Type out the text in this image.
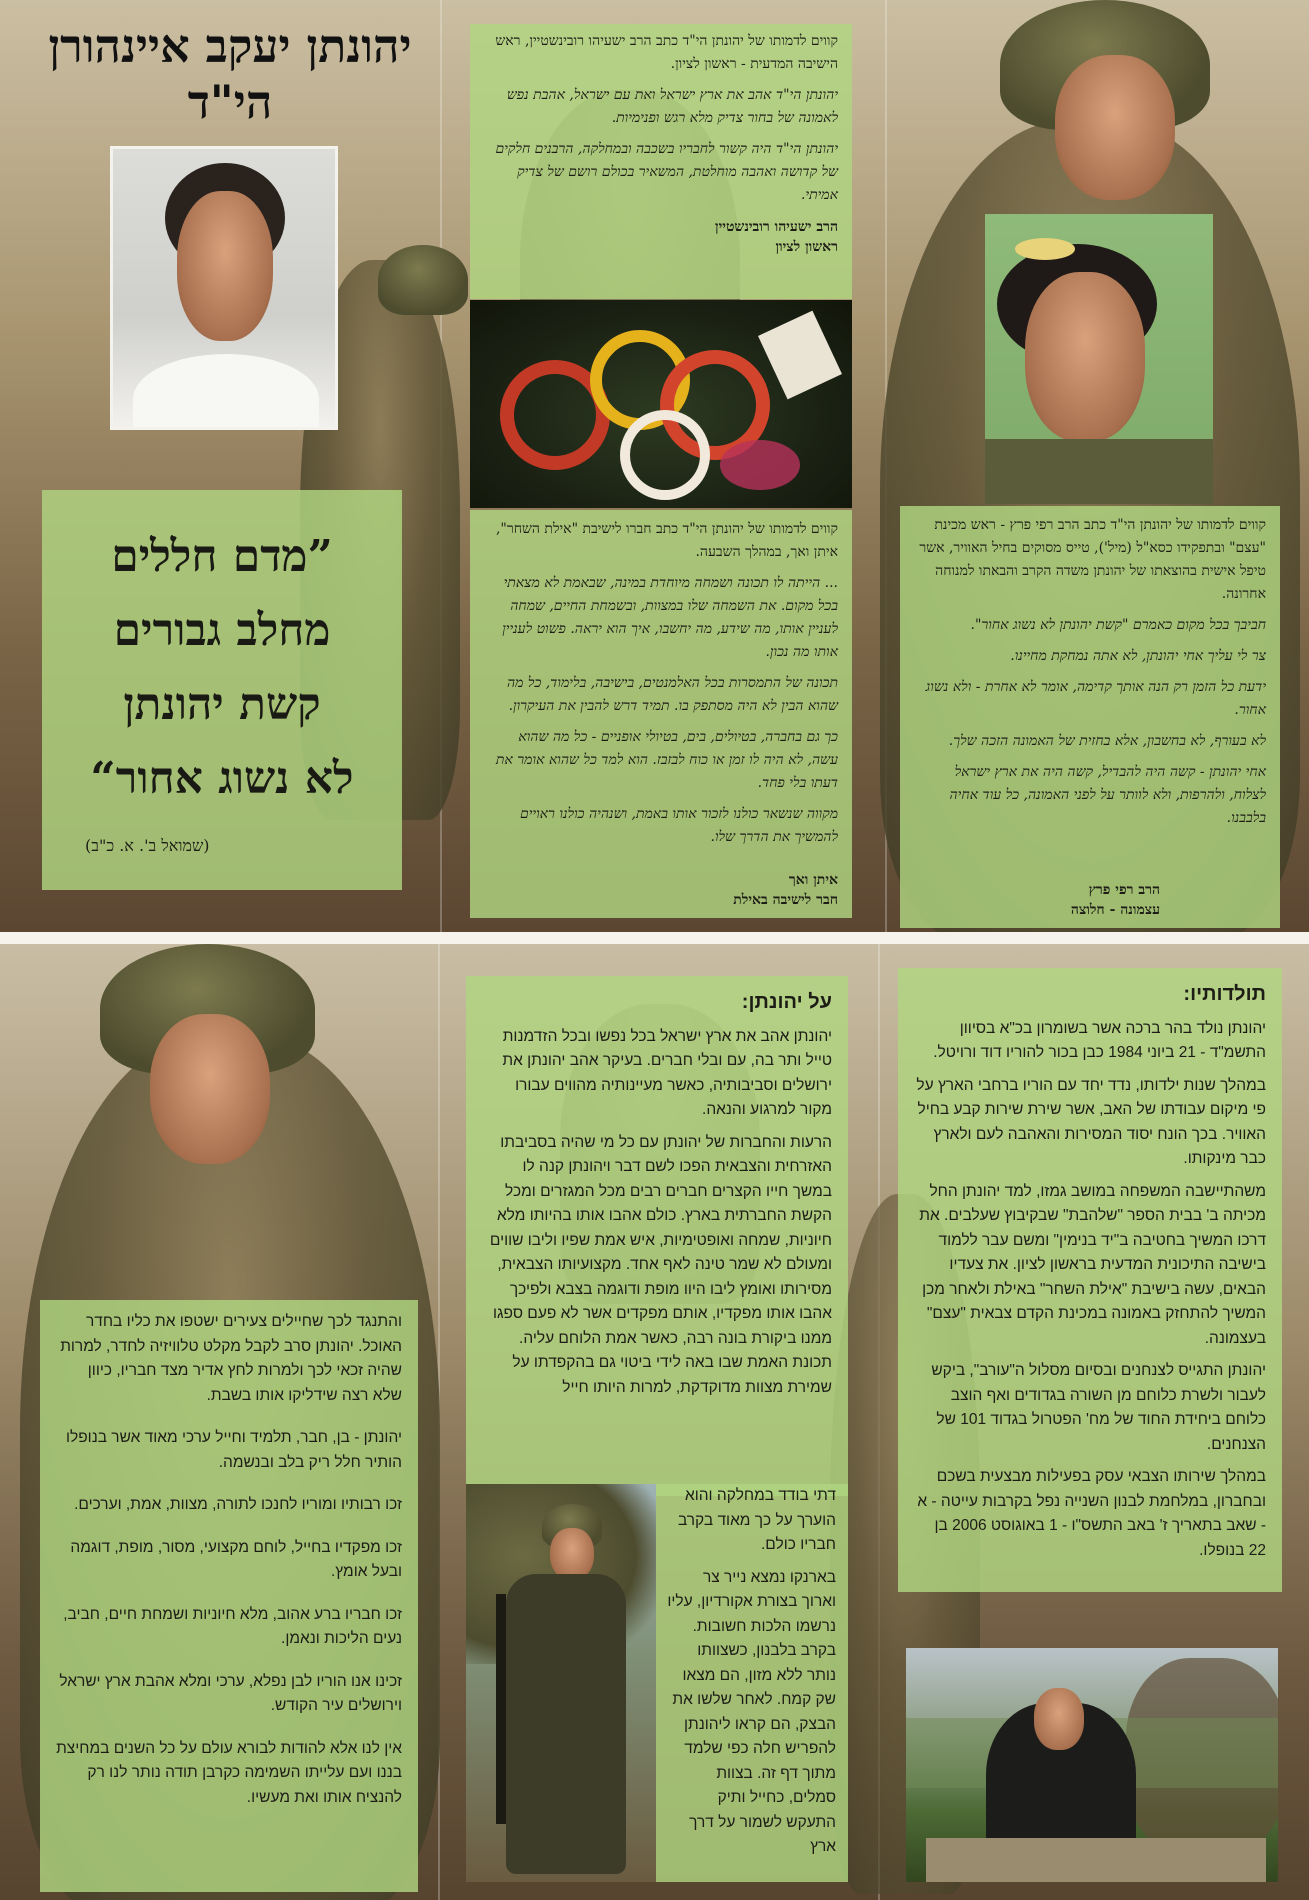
יהונתן יעקב איינהורן
הי"ד
”מדם חללים
מחלב גבורים
קשת יהונתן
לא נשוג אחור“
(שמואל ב'. א. כ"ב)

קווים לדמותו של יהונתן הי"ד כתב הרב ישעיהו רובינשטיין, ראש הישיבה המדעית - ראשון לציון.

יהונתן הי"ד אהב את ארץ ישראל ואת עם ישראל, אהבת נפש לאמונה של בחור צדיק מלא רגש ופנימיות.

יהונתן הי"ד היה קשור לחבריו בשכבה ובמחלקה, הרבנים חלקים של קדושה ואהבה מוחלטת, המשאיר בכולם רושם של צדיק אמיתי.

הרב ישעיהו רובינשטיין
ראשון לציון

קווים לדמותו של יהונתן הי"ד כתב חברו לישיבת "אילת השחר", איתן ואך, במהלך השבעה.

... הייתה לו תכונה ושמחה מיוחדת במינה, שבאמת לא מצאתי בכל מקום. את השמחה שלו במצוות, ובשמחת החיים, שמחה לעניין אותו, מה שידע, מה יחשבו, איך הוא יראה. פשוט לעניין אותו מה נכון.

תכונה של התמסרות בכל האלמנטים, בישיבה, בלימוד, כל מה שהוא הבין לא היה מסתפק בו. תמיד דרש להבין את העיקרון.

כך גם בחברה, בטיולים, בים, בטיולי אופניים - כל מה שהוא עשה, לא היה לו זמן או כוח לבזבז. הוא למד כל שהוא אומר את דעתו בלי פחד.

מקווה שנשאר כולנו לזכור אותו באמת, ושנהיה כולנו ראויים להמשיך את הדרך שלו.

איתן ואך
חבר לישיבה באילת

קווים לדמותו של יהונתן הי"ד כתב הרב רפי פרץ - ראש מכינת "עצם" ובתפקידו כסא"ל (מיל'), טייס מסוקים בחיל האוויר, אשר טיפל אישית בהוצאתו של יהונתן משדה הקרב והבאתו למנוחה אחרונה.

חביבך בכל מקום כאמרם "קשת יהונתן לא נשוג אחור".

צר לי עליך אחי יהונתן, לא אתה נמחקת מחיינו.

ידעת כל הזמן רק הנה אותך קדימה, אומר לא אחרת - ולא נשוג אחור.

לא בעורף, לא בחשבון, אלא בחזית של האמונה הזכה שלך.

אחי יהונתן - קשה היה להבדיל, קשה היה את ארץ ישראל לצלוח, ולהרפות, ולא לוותר על לפני האמונה, כל עוד אחיה בלבבנו.

הרב רפי פרץ
עצמונה - חלוצה

והתנגד לכך שחיילים צעירים ישטפו את כליו בחדר האוכל. יהונתן סרב לקבל מקלט טלוויזיה לחדר, למרות שהיה זכאי לכך ולמרות לחץ אדיר מצד חבריו, כיוון שלא רצה שידליקו אותו בשבת.

יהונתן - בן, חבר, תלמיד וחייל ערכי מאוד אשר בנופלו הותיר חלל ריק בלב ובנשמה.

זכו רבותיו ומוריו לחנכו לתורה, מצוות, אמת, וערכים.

זכו מפקדיו בחייל, לוחם מקצועי, מסור, מופת, דוגמה ובעל אומץ.

זכו חבריו ברע אהוב, מלא חיוניות ושמחת חיים, חביב, נעים הליכות ונאמן.

זכינו אנו הוריו לבן נפלא, ערכי ומלא אהבת ארץ ישראל וירושלים עיר הקודש.

אין לנו אלא להודות לבורא עולם על כל השנים במחיצת בננו ועם עלייתו השמימה כקרבן תודה נותר לנו רק להנציח אותו ואת מעשיו.

על יהונתן:

יהונתן אהב את ארץ ישראל בכל נפשו ובכל הזדמנות טייל ותר בה, עם ובלי חברים. בעיקר אהב יהונתן את ירושלים וסביבותיה, כאשר מעיינותיה מהווים עבורו מקור למרגוע והנאה.

הרעות והחברות של יהונתן עם כל מי שהיה בסביבתו האזרחית והצבאית הפכו לשם דבר ויהונתן קנה לו במשך חייו הקצרים חברים רבים מכל המגזרים ומכל הקשת החברתית בארץ. כולם אהבו אותו בהיותו מלא חיוניות, שמחה ואופטימיות, איש אמת שפיו וליבו שווים ומעולם לא שמר טינה לאף אחד. מקצועיותו הצבאית, מסירותו ואומץ ליבו היוו מופת ודוגמה בצבא ולפיכך אהבו אותו מפקדיו, אותם מפקדים אשר לא פעם ספגו ממנו ביקורת בונה רבה, כאשר אמת הלוחם עליה. תכונת האמת שבו באה לידי ביטוי גם בהקפדתו על שמירת מצוות מדוקדקת, למרות היותו חייל

דתי בודד במחלקה והוא הוערך על כך מאוד בקרב חבריו כולם.

בארנקו נמצא נייר צר וארוך בצורת אקורדיון, עליו נרשמו הלכות חשובות. בקרב בלבנון, כשצוותו נותר ללא מזון, הם מצאו שק קמח. לאחר שלשו את הבצק, הם קראו ליהונתן להפריש חלה כפי שלמד מתוך דף זה. בצוות סמלים, כחייל ותיק התעקש לשמור על דרך ארץ

תולדותיו:

יהונתן נולד בהר ברכה אשר בשומרון בכ"א בסיוון התשמ"ד - 21 ביוני 1984 כבן בכור להוריו דוד ורויטל.

במהלך שנות ילדותו, נדד יחד עם הוריו ברחבי הארץ על פי מיקום עבודתו של האב, אשר שירת שירות קבע בחיל האוויר. בכך הונח יסוד המסירות והאהבה לעם ולארץ כבר מינקותו.

משהתיישבה המשפחה במושב גמזו, למד יהונתן החל מכיתה ב' בבית הספר "שלהבת" שבקיבוץ שעלבים. את דרכו המשיך בחטיבה ב"יד בנימין" ומשם עבר ללמוד בישיבה התיכונית המדעית בראשון לציון. את צעדיו הבאים, עשה בישיבת "אילת השחר" באילת ולאחר מכן המשיך להתחזק באמונה במכינת הקדם צבאית "עצם" בעצמונה.

יהונתן התגייס לצנחנים ובסיום מסלול ה"עורב", ביקש לעבור ולשרת כלוחם מן השורה בגדודים ואף הוצב כלוחם ביחידת החוד של מח' הפטרול בגדוד 101 של הצנחנים.

במהלך שירותו הצבאי עסק בפעילות מבצעית בשכם ובחברון, במלחמת לבנון השנייה נפל בקרבות עייטה - א - שאב בתאריך ז' באב התשס"ו - 1 באוגוסט 2006 בן 22 בנופלו.
